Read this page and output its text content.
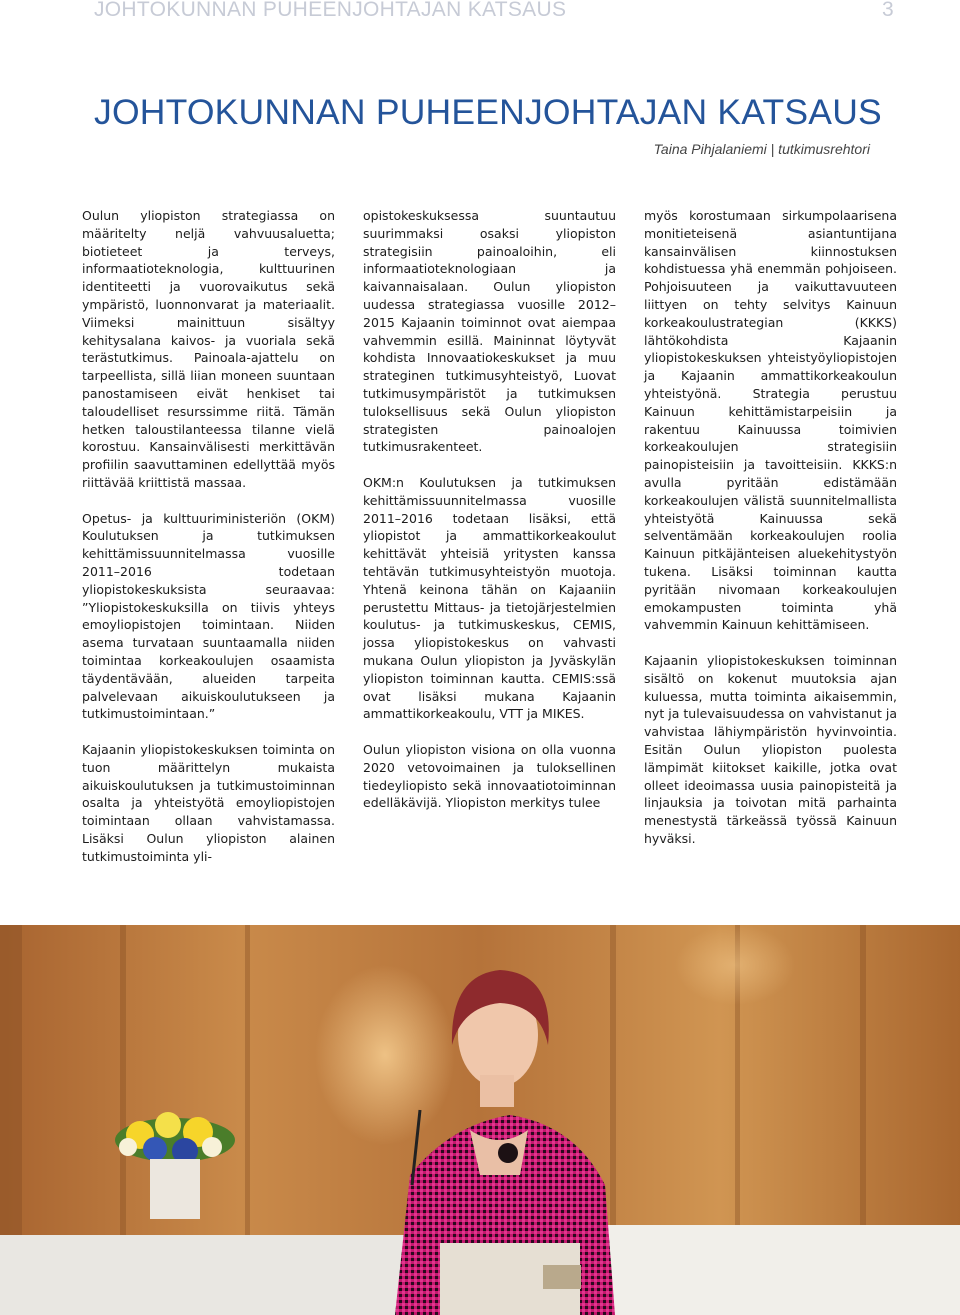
JOHTOKUNNAN PUHEENJOHTAJAN KATSAUS	3
JOHTOKUNNAN PUHEENJOHTAJAN KATSAUS
Taina Pihjalaniemi | tutkimusrehtori

Oulun yliopiston strategiassa on määritelty neljä vahvuusaluetta; biotieteet ja terveys, informaatioteknologia, kulttuurinen identiteetti ja vuorovaikutus sekä ympäristö, luonnonvarat ja materiaalit. Viimeksi mainittuun sisältyy kehitysalana kaivos- ja vuoriala sekä terästutkimus. Painoala-ajattelu on tarpeellista, sillä liian moneen suuntaan panostamiseen eivät henkiset tai taloudelliset resurssimme riitä. Tämän hetken taloustilanteessa tilanne vielä korostuu. Kansainvälisesti merkittävän profiilin saavuttaminen edellyttää myös riittävää kriittistä massaa.

Opetus- ja kulttuuriministeriön (OKM) Koulutuksen ja tutkimuksen kehittämissuunnitelmassa vuosille 2011–2016 todetaan yliopistokeskuksista seuraavaa: ”Yliopistokeskuksilla on tiivis yhteys emoyliopistojen toimintaan. Niiden asema turvataan suuntaamalla niiden toimintaa korkeakoulujen osaamista täydentävään, alueiden tarpeita palvelevaan aikuiskoulutukseen ja tutkimustoimintaan.”

Kajaanin yliopistokeskuksen toiminta on tuon määrittelyn mukaista aikuiskoulutuksen ja tutkimustoiminnan osalta ja yhteistyötä emoyliopistojen toimintaan ollaan vahvistamassa. Lisäksi Oulun yliopiston alainen tutkimustoiminta yli-

opistokeskuksessa suuntautuu suurimmaksi osaksi yliopiston strategisiin painoaloihin, eli informaatioteknologiaan ja kaivannaisalaan. Oulun yliopiston uudessa strategiassa vuosille 2012–2015 Kajaanin toiminnot ovat aiempaa vahvemmin esillä. Maininnat löytyvät kohdista Innovaatiokeskukset ja muu strateginen tutkimusyhteistyö, Luovat tutkimusympäristöt ja tutkimuksen tuloksellisuus sekä Oulun yliopiston strategisten painoalojen tutkimusrakenteet.

OKM:n Koulutuksen ja tutkimuksen kehittämissuunnitelmassa vuosille 2011–2016 todetaan lisäksi, että yliopistot ja ammattikorkeakoulut kehittävät yhteisiä yritysten kanssa tehtävän tutkimusyhteistyön muotoja. Yhtenä keinona tähän on Kajaaniin perustettu Mittaus- ja tietojärjestelmien koulutus- ja tutkimuskeskus, CEMIS, jossa yliopistokeskus on vahvasti mukana Oulun yliopiston ja Jyväskylän yliopiston toiminnan kautta. CEMIS:ssä ovat lisäksi mukana Kajaanin ammattikorkeakoulu, VTT ja MIKES.

Oulun yliopiston visiona on olla vuonna 2020 vetovoimainen ja tuloksellinen tiedeyliopisto sekä innovaatiotoiminnan edelläkävijä. Yliopiston merkitys tulee

myös korostumaan sirkumpolaarisena monitieteisenä asiantuntijana kansainvälisen kiinnostuksen kohdistuessa yhä enemmän pohjoiseen. Pohjoisuuteen ja vaikuttavuuteen liittyen on tehty selvitys Kainuun korkeakoulustrategian (KKKS) lähtökohdista Kajaanin yliopistokeskuksen yhteistyöyliopistojen ja Kajaanin ammattikorkeakoulun yhteistyönä. Strategia perustuu Kainuun kehittämistarpeisiin ja rakentuu Kainuussa toimivien korkeakoulujen strategisiin painopisteisiin ja tavoitteisiin. KKKS:n avulla pyritään edistämään korkeakoulujen välistä suunnitelmallista yhteistyötä Kainuussa sekä selventämään korkeakoulujen roolia Kainuun pitkäjänteisen aluekehitystyön tukena. Lisäksi toiminnan kautta pyritään nivomaan korkeakoulujen emokampusten toiminta yhä vahvemmin Kainuun kehittämiseen.

Kajaanin yliopistokeskuksen toiminnan sisältö on kokenut muutoksia ajan kuluessa, mutta toiminta aikaisemmin, nyt ja tulevaisuudessa on vahvistanut ja vahvistaa lähiympäristön hyvinvointia. Esitän Oulun yliopiston puolesta lämpimät kiitokset kaikille, jotka ovat olleet ideoimassa uusia painopisteitä ja linjauksia ja toivotan mitä parhainta menestystä tärkeässä työssä Kainuun hyväksi.
